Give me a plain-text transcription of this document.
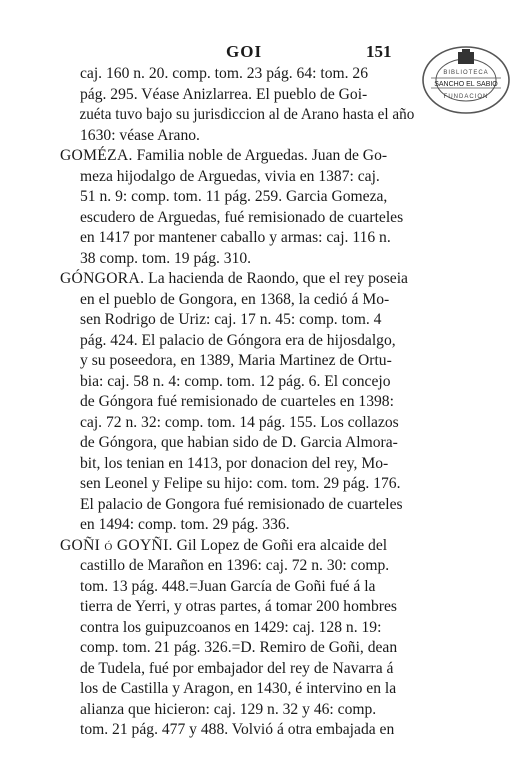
GOI	151
BIBLIOTECA
SANCHO EL SABIO
FUNDACION
caj. 160 n. 20. comp. tom. 23 pág. 64: tom. 26
pág. 295. Véase Anizlarrea. El pueblo de Goi-
zuéta tuvo bajo su jurisdiccion al de Arano hasta el año
1630: véase Arano.
GOMÉZA. Familia noble de Arguedas. Juan de Go-
meza hijodalgo de Arguedas, vivia en 1387: caj.
51 n. 9: comp. tom. 11 pág. 259. Garcia Gomeza,
escudero de Arguedas, fué remisionado de cuarteles
en 1417 por mantener caballo y armas: caj. 116 n.
38 comp. tom. 19 pág. 310.
GÓNGORA. La hacienda de Raondo, que el rey poseia
en el pueblo de Gongora, en 1368, la cedió á Mo-
sen Rodrigo de Uriz: caj. 17 n. 45: comp. tom. 4
pág. 424. El palacio de Góngora era de hijosdalgo,
y su poseedora, en 1389, Maria Martinez de Ortu-
bia: caj. 58 n. 4: comp. tom. 12 pág. 6. El concejo
de Góngora fué remisionado de cuarteles en 1398:
caj. 72 n. 32: comp. tom. 14 pág. 155. Los collazos
de Góngora, que habian sido de D. Garcia Almora-
bit, los tenian en 1413, por donacion del rey, Mo-
sen Leonel y Felipe su hijo: com. tom. 29 pág. 176.
El palacio de Gongora fué remisionado de cuarteles
en 1494: comp. tom. 29 pág. 336.
GOÑI ó GOYÑI. Gil Lopez de Goñi era alcaide del
castillo de Marañon en 1396: caj. 72 n. 30: comp.
tom. 13 pág. 448.=Juan García de Goñi fué á la
tierra de Yerri, y otras partes, á tomar 200 hombres
contra los guipuzcoanos en 1429: caj. 128 n. 19:
comp. tom. 21 pág. 326.=D. Remiro de Goñi, dean
de Tudela, fué por embajador del rey de Navarra á
los de Castilla y Aragon, en 1430, é intervino en la
alianza que hicieron: caj. 129 n. 32 y 46: comp.
tom. 21 pág. 477 y 488. Volvió á otra embajada en
